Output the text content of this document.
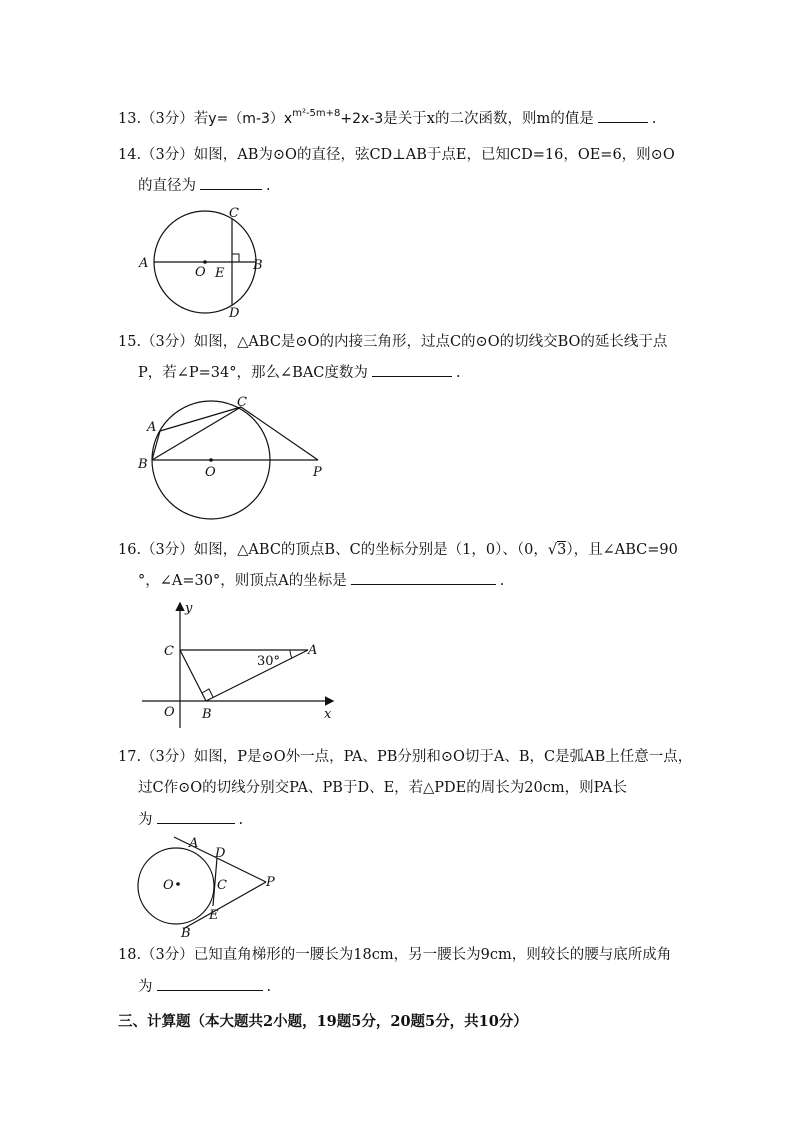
13.（3分）若$y=(m-3)x^{m^2-5m+8}+2x-3$是关于x的二次函数，则m的值是	.
14.（3分）如图，AB为⊙O的直径，弦CD⊥AB于点E，已知CD=16，OE=6，则⊙O
的直径为	.
A	B
C
D
O E
15.（3分）如图，△ABC是⊙O的内接三角形，过点C的⊙O的切线交BO的延长线于点
P，若∠P=34°，那么∠BAC度数为	.
A
B
C
O	P
16.（3分）如图，△ABC的顶点B、C的坐标分别是（1，0）、（0，√3），且∠ABC=90
°，∠A=30°，则顶点A的坐标是	.
y
x
C	A
O B
30°
17.（3分）如图，P是⊙O外一点，PA、PB分别和⊙O切于A、B，C是弧AB上任意一点，
过C作⊙O的切线分别交PA、PB于D、E，若△PDE的周长为20cm，则PA长
为	.
A
B
C
D
E
O	P
18.（3分）已知直角梯形的一腰长为18cm，另一腰长为9cm，则较长的腰与底所成角
为	.
三、计算题（本大题共2小题，19题5分，20题5分，共10分）
